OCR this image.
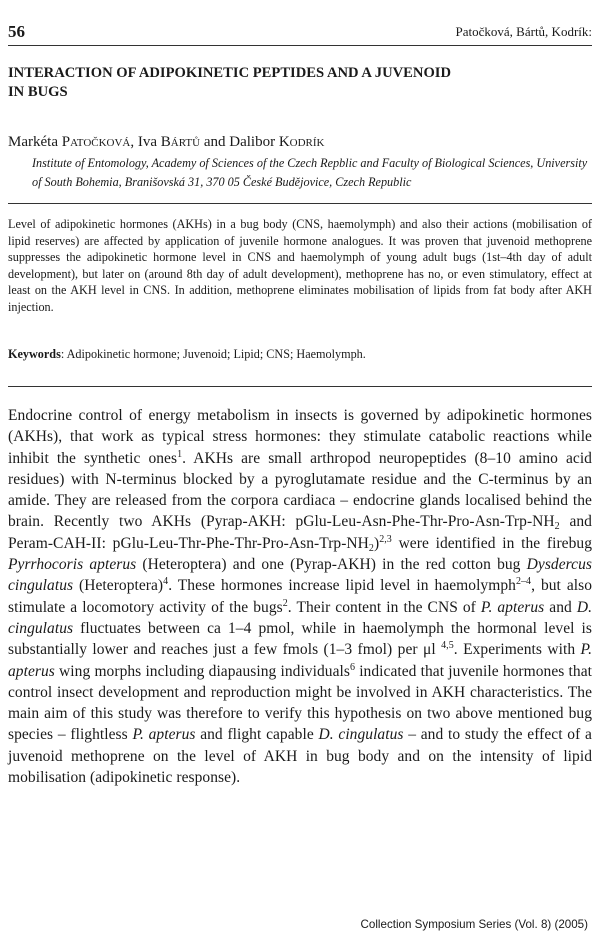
56	Patočková, Bártů, Kodrík:
INTERACTION OF ADIPOKINETIC PEPTIDES AND A JUVENOID
IN BUGS
Markéta Patočková, Iva Bártů and Dalibor Kodrík
Institute of Entomology, Academy of Sciences of the Czech Repblic and Faculty of Biological Sciences, University of South Bohemia, Branišovská 31, 370 05 České Budějovice, Czech Republic
Level of adipokinetic hormones (AKHs) in a bug body (CNS, haemolymph) and also their actions (mobilisation of lipid reserves) are affected by application of juvenile hormone analogues. It was proven that juvenoid methoprene suppresses the adipokinetic hormone level in CNS and haemolymph of young adult bugs (1st–4th day of adult development), but later on (around 8th day of adult development), methoprene has no, or even stimulatory, effect at least on the AKH level in CNS. In addition, methoprene eliminates mobilisation of lipids from fat body after AKH injection.
Keywords: Adipokinetic hormone; Juvenoid; Lipid; CNS; Haemolymph.
Endocrine control of energy metabolism in insects is governed by adipokinetic hormones (AKHs), that work as typical stress hormones: they stimulate catabolic reactions while inhibit the synthetic ones$^1$. AKHs are small arthropod neuropeptides (8–10 amino acid residues) with N-terminus blocked by a pyroglutamate residue and the C-terminus by an amide. They are released from the corpora cardiaca – endocrine glands localised behind the brain. Recently two AKHs (Pyrap-AKH: pGlu-$Leu-Asn-Phe-Thr-Pro-Asn-Trp-NH_2$ and Peram-CAH-II: pGlu-$Leu-Thr-Phe-Thr-Pro-Asn-Trp-NH_2)^{2,3}$ were identified in the firebug Pyrrhocoris apterus (Heteroptera) and one (Pyrap-AKH) in the red cotton bug Dysdercus cingulatus (Heteroptera)$^4$. These hormones increase lipid level in haemolymph$^{2-4}$, but also stimulate a locomotory activity of the bugs$^2$. Their content in the CNS of P. apterus and D. cingulatus fluctuates between ca 1–4 pmol, while in haemolymph the hormonal level is substantially lower and reaches just a few fmols (1–3 fmol) per μl $^{4,5}$. Experiments with P. apterus wing morphs including diapausing individuals$^6$ indicated that juvenile hormones that control insect development and reproduction might be involved in AKH characteristics. The main aim of this study was therefore to verify this hypothesis on two above mentioned bug species – flightless P. apterus and flight capable D. cingulatus – and to study the effect of a juvenoid methoprene on the level of AKH in bug body and on the intensity of lipid mobilisation (adipokinetic response).
Collection Symposium Series (Vol. 8) (2005)
